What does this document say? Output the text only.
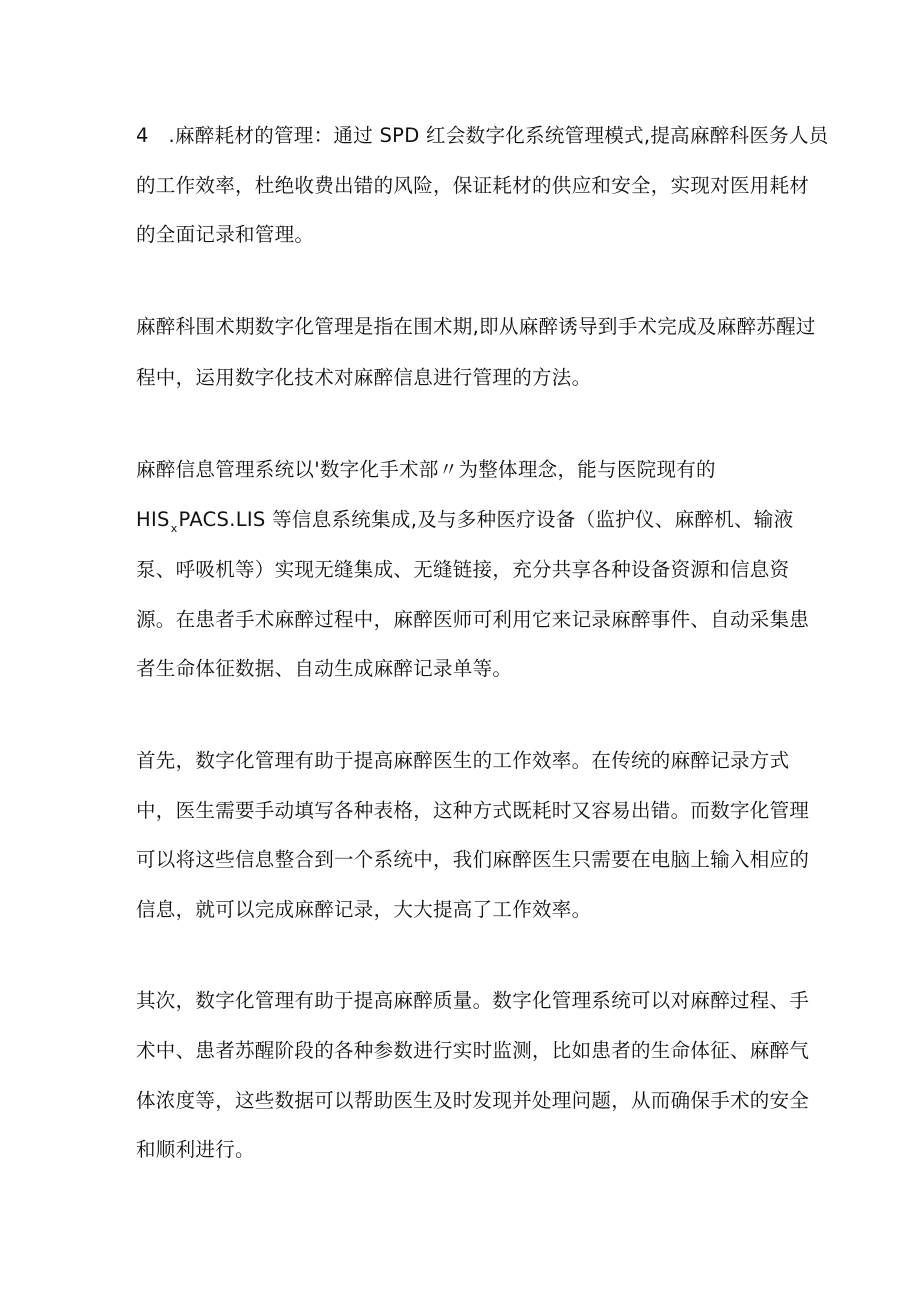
4　.麻醉耗材的管理：通过 SPD 红会数字化系统管理模式,提高麻醉科医务人员

的工作效率，杜绝收费出错的风险，保证耗材的供应和安全，实现对医用耗材

的全面记录和管理。

麻醉科围术期数字化管理是指在围术期,即从麻醉诱导到手术完成及麻醉苏醒过

程中，运用数字化技术对麻醉信息进行管理的方法。

麻醉信息管理系统以'数字化手术部〃为整体理念，能与医院现有的

$HIS_xPACS.LIS$ 等信息系统集成,及与多种医疗设备（监护仪、麻醉机、输液

泵、呼吸机等）实现无缝集成、无缝链接，充分共享各种设备资源和信息资

源。在患者手术麻醉过程中，麻醉医师可利用它来记录麻醉事件、自动采集患

者生命体征数据、自动生成麻醉记录单等。

首先，数字化管理有助于提高麻醉医生的工作效率。在传统的麻醉记录方式

中，医生需要手动填写各种表格，这种方式既耗时又容易出错。而数字化管理

可以将这些信息整合到一个系统中，我们麻醉医生只需要在电脑上输入相应的

信息，就可以完成麻醉记录，大大提高了工作效率。

其次，数字化管理有助于提高麻醉质量。数字化管理系统可以对麻醉过程、手

术中、患者苏醒阶段的各种参数进行实时监测，比如患者的生命体征、麻醉气

体浓度等，这些数据可以帮助医生及时发现并处理问题，从而确保手术的安全

和顺利进行。
